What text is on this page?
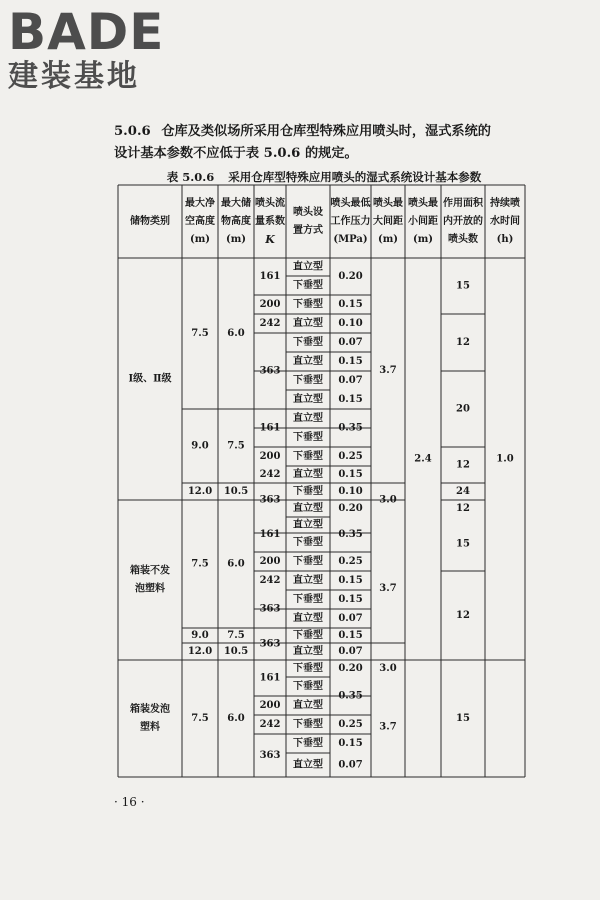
BADE
建装基地
5.0.6 仓库及类似场所采用仓库型特殊应用喷头时，湿式系统的
设计基本参数不应低于表 5.0.6 的规定。
表 5.0.6 采用仓库型特殊应用喷头的湿式系统设计基本参数
储物类别
最大净
空高度
(m)
最大储
物高度
(m)
喷头流
量系数
K
喷头设
置方式
喷头最低
工作压力
(MPa)
喷头最
大间距
(m)
喷头最
小间距
(m)
作用面积
内开放的
喷头数
持续喷
水时间
(h)
Ⅰ级、Ⅱ级
箱装不发
泡塑料
箱装发泡
塑料
7.5 6.0
9.0 7.5
12.0 10.5
7.5 6.0
9.0 7.5
12.0 10.5
7.5 6.0
161
200
242
363
161
200
242
363
161
200
242
363
363
161
200
242
363
直立型
下垂型
下垂型
直立型
下垂型
直立型
下垂型
直立型
直立型
下垂型
下垂型
直立型
下垂型
直立型
直立型
下垂型
下垂型
直立型
下垂型
直立型
下垂型
直立型
下垂型
下垂型
直立型
下垂型
下垂型
直立型
0.20
0.15
0.10
0.07
0.15
0.07
0.15
0.35
0.25
0.15
0.10
0.20
0.35
0.25
0.15
0.15
0.07
0.15
0.07
0.20
0.35
0.25
0.15
0.07
3.7
3.0
3.7
3.0
3.7
2.4
15
12
20
12
24
12
15
12
15
1.0
· 16 ·
